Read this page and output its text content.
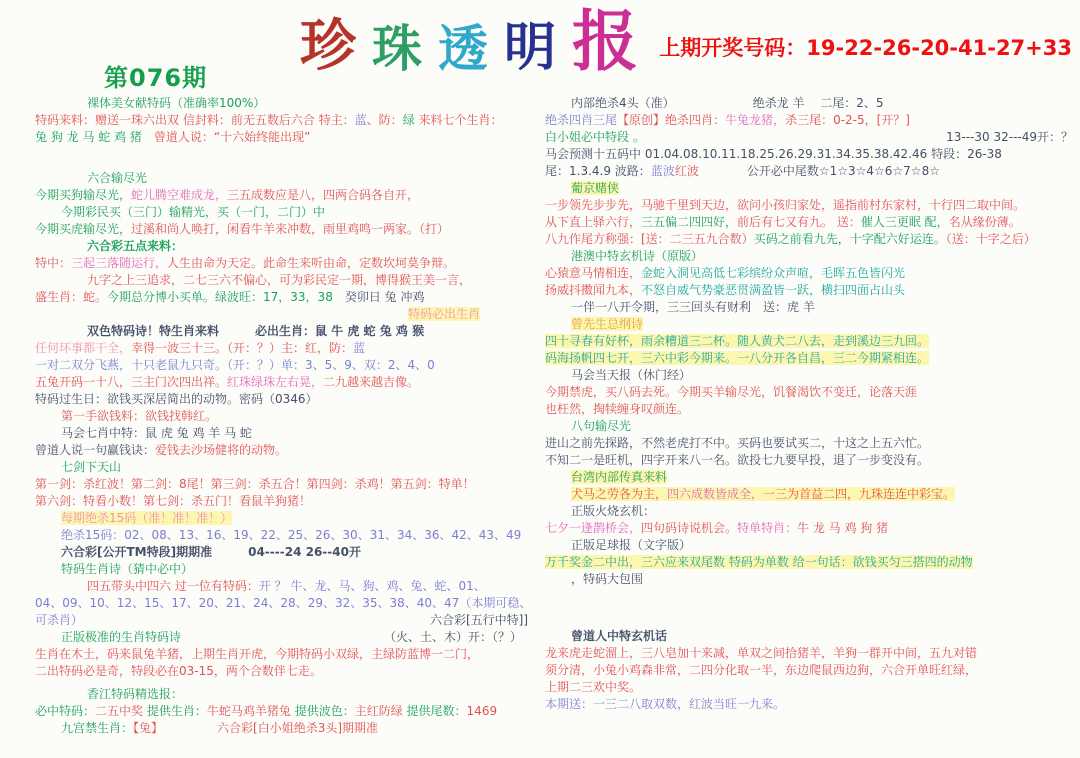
第076期 珍 珠 透 明 报 上期开奖号码：19-22-26-20-41-27+33
裸体美女献特码（准确率100%）
特码来料：赠送一珠六出双 信封料：前无五数后六合 特主：蓝、防：绿 来料七个生肖：
兔 狗 龙 马 蛇 鸡 猪　曾道人说：“十六始终能出现”
六合输尽光
今期买狗输尽光，蛇儿腾空难成龙，三五成数应是八，四两合码各自开，
今期彩民买（三门）输精光，买（一门，二门）中
今期买虎输尽光，过溪和尚人唤打，闲看牛羊来冲数，雨里鸡鸣一两家。（打）
六合彩五点来料：
特中：三起三落随运行，人生由命为天定。此命生来听由命，定数坎坷莫争辩。
九字之上三追求，二七三六不偏心，可为彩民定一期，博得猴王美一言，
盛生肖：蛇。今期总分博小买单。绿波旺：17，33，38　癸卯日 兔 冲鸡
特码必出生肖
双色特码诗！特生肖来料　　　必出生肖：鼠 牛 虎 蛇 兔 鸡 猴
任何环事都干全，幸得一波三十三。（开：？）主：红，防：蓝
一对二双分飞燕，十只老鼠九只奇。（开：？）单：3、5、9、双：2、4、0
五兔开码一十八，三主门次四出祥。红珠绿珠左右晃，二九越来越吉像。
特码过生日：欲钱买深居简出的动物。密码（0346）
第一手欲钱料：欲钱找韩红。
马会七肖中特：鼠 虎 兔 鸡 羊 马 蛇
曾道人说一句赢钱诀：爱钱去沙场健将的动物。
七剑下天山
第一剑：杀红波！第二剑：8尾！第三剑：杀五合！第四剑：杀鸡！第五剑：特单！
第六剑：特看小数！第七剑：杀五门！看鼠羊狗猪！
每期绝杀15码（准！准！准！）
绝杀15码：02、08、13、16、19、22、25、26、30、31、34、36、42、43、49
六合彩[公开TM特段]期期准　　　04----24 26--40开
特码生肖诗（猜中必中）
四五带头中四六 过一位有特码：开 ？ 牛、龙、马、狗、鸡、兔、蛇、01、
04、09、10、12、15、17、20、21、24、28、29、32、35、38、40、47（本期可稳、
六合彩[五行中特]]　
可杀肖）
（火、土、木）开：（？）　　
正版极准的生肖特码诗
生肖在木土，码来鼠兔羊猪，上期生肖开虎，今期特码小双绿，主绿防蓝博一二门，
二出特码必是奇，特段必在03-15，两个合数伴七走。
香江特码精选报：
必中特码：二五中奖 提供生肖：牛蛇马鸡羊猪兔 提供波色：主红防绿 提供尾数：1469
九宫禁生肖：【兔】　　　　　	六合彩[白小姐绝杀3头]期期准
内部绝杀4头（准）　　　　　　　绝杀龙 羊　 二尾：2、5
绝杀四肖三尾【原创】绝杀四肖：牛兔龙猪，杀三尾：0-2-5，[开？]
13---30 32---49开：？
白小姐必中特段 。
马会预测十五码中 01.04.08.10.11.18.25.26.29.31.34.35.38.42.46 特段：26-38
尾：1.3.4.9 波路：蓝波红波　　　　公开必中尾数☆1☆3☆4☆6☆7☆8☆
葡京赌侠
一步领先步步先，马驰千里到天边，欲问小孩归家处，遥指前村东家村，十行四二取中间。
从下直上驿六行，三五偏二四四好，前后有七又有九。 送：催人三更眠 配，名从缘份薄。
八九作尾方称强：[送：二三五九合数）买码之前看九先，十字配六好运连。（送：十字之后）
港澳中特玄机诗（原版）
心猿意马情相连，金蛇入洞见高低七彩缤纷众声喧，毛晖五色皆闪光
扬威抖擞闻九本，不怒自威气势豪恶贯满盈皆一跃，横扫四面占山头
一伴一八开令期，三三回头有财利　送：虎 羊
曾先生总纲诗
四十寻春有好杯，雨余糟道三二杯。随人黄犬二八去，走到溪边三九回。
码海扬帆四七开，三六中彩今期来。一八分开各自昌，三二今期紧相连。
马会当天报（休门经）
今期禁虎，买八码去死。今期买羊输尽光，饥餐渴饮不变迁，论落天涯
也枉然，掏犊缠身叹颜连。
八句输尽光
进山之前先探路，不然老虎打不中。买码也要试买二，十这之上五六忙。
不知二一是旺机，四字开来八一名。欲投七九要早投，退了一步变没有。
台湾内部传真来料
犬马之劳各为主，四六成数皆成全，一三为首益二四，九珠连连中彩宝。
正版火烧玄机：
七夕一逢鹊桥会，四句码诗说机会。特单特肖：牛 龙 马 鸡 狗 猪
正版足球报（文字版）
万千奖金二中出，三六应来双尾数 特码为单数 给一句话：欲钱买匀三搭四的动物
，特码大包围
曾道人中特玄机话
龙来虎走蛇溜上，三八皂加十来减，单双之间拾猪羊，羊狗一群开中间，五九对错
须分清，小兔小鸡森非常，二四分化取一半，东边爬鼠西边狗，六合开单旺红绿，
上期二三欢中奖。
本期送：一三二八取双数，红波当旺一九来。
